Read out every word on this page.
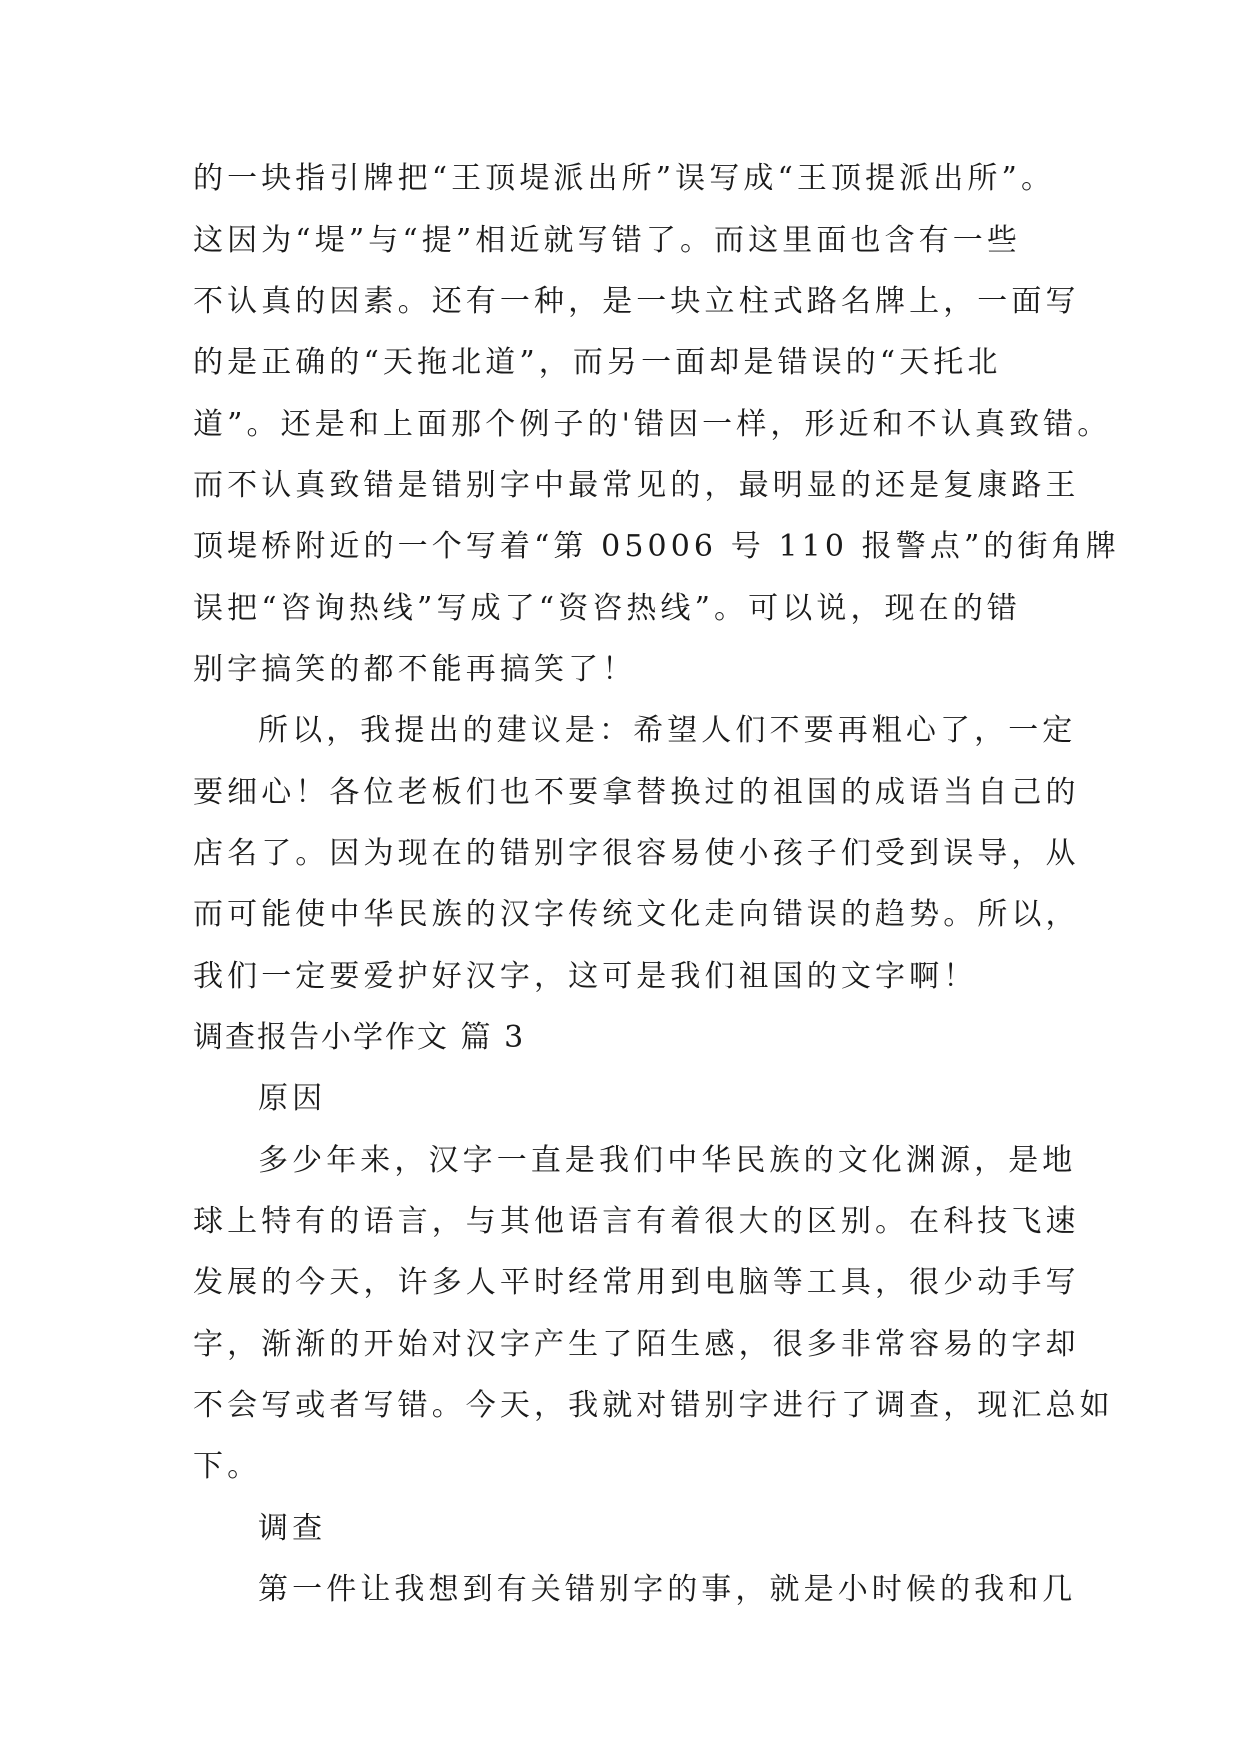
的一块指引牌把“王顶堤派出所”误写成“王顶提派出所”。
这因为“堤”与“提”相近就写错了。而这里面也含有一些
不认真的因素。还有一种，是一块立柱式路名牌上，一面写
的是正确的“天拖北道”，而另一面却是错误的“天托北
道”。还是和上面那个例子的'错因一样，形近和不认真致错。
而不认真致错是错别字中最常见的，最明显的还是复康路王
顶堤桥附近的一个写着“第 05006 号 110 报警点”的街角牌
误把“咨询热线”写成了“资咨热线”。可以说，现在的错
别字搞笑的都不能再搞笑了！
所以，我提出的建议是：希望人们不要再粗心了，一定
要细心！各位老板们也不要拿替换过的祖国的成语当自己的
店名了。因为现在的错别字很容易使小孩子们受到误导，从
而可能使中华民族的汉字传统文化走向错误的趋势。所以，
我们一定要爱护好汉字，这可是我们祖国的文字啊！
调查报告小学作文 篇 3
原因
多少年来，汉字一直是我们中华民族的文化渊源，是地
球上特有的语言，与其他语言有着很大的区别。在科技飞速
发展的今天，许多人平时经常用到电脑等工具，很少动手写
字，渐渐的开始对汉字产生了陌生感，很多非常容易的字却
不会写或者写错。今天，我就对错别字进行了调查，现汇总如
下。
调查
第一件让我想到有关错别字的事，就是小时候的我和几
